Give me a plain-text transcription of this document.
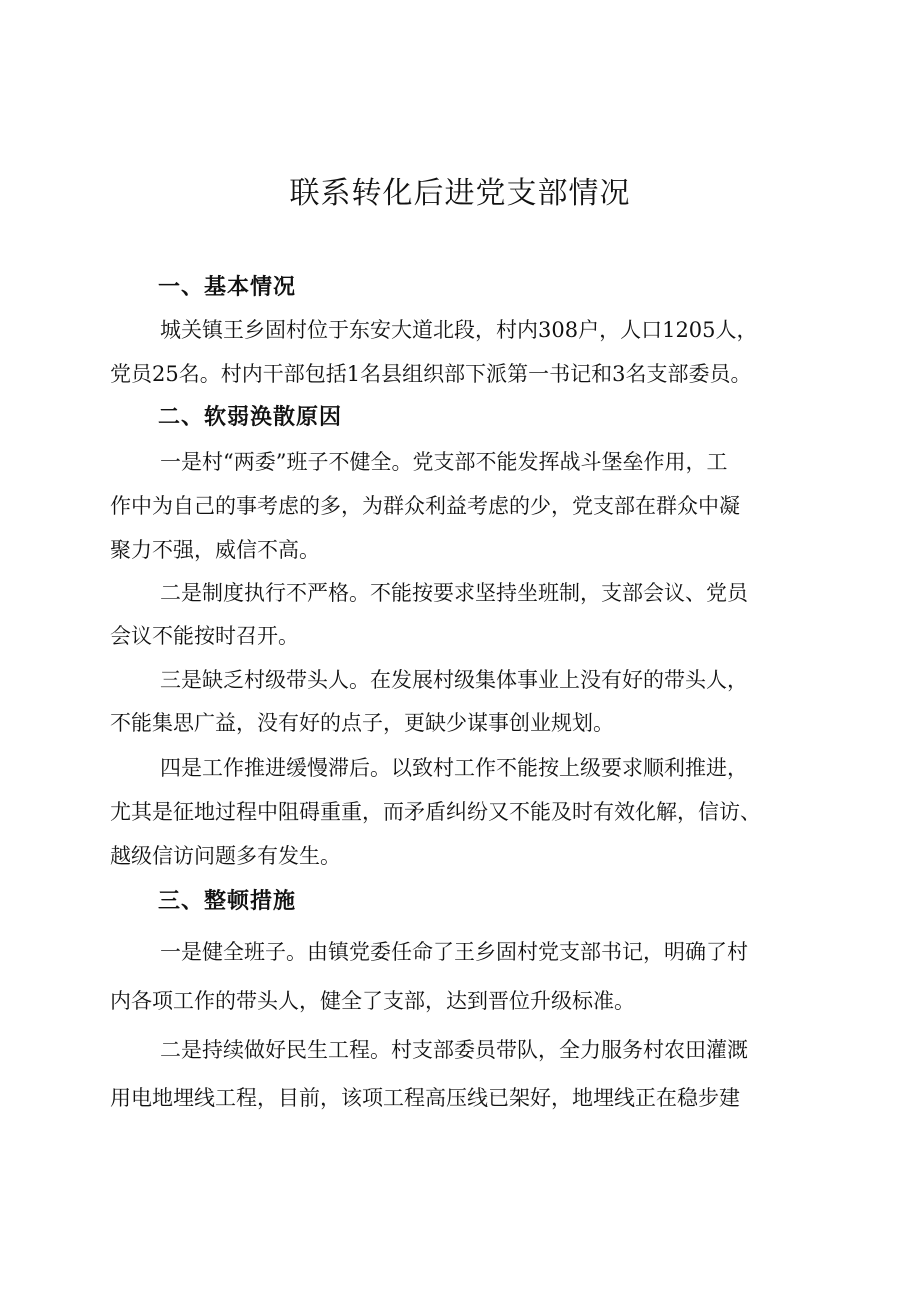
联系转化后进党支部情况
一、基本情况

城关镇王乡固村位于东安大道北段，村内308户，人口1205人，

党员25名。村内干部包括1名县组织部下派第一书记和3名支部委员。

二、软弱涣散原因

一是村“两委”班子不健全。党支部不能发挥战斗堡垒作用，工

作中为自己的事考虑的多，为群众利益考虑的少，党支部在群众中凝

聚力不强，威信不高。

二是制度执行不严格。不能按要求坚持坐班制，支部会议、党员

会议不能按时召开。

三是缺乏村级带头人。在发展村级集体事业上没有好的带头人，

不能集思广益，没有好的点子，更缺少谋事创业规划。

四是工作推进缓慢滞后。以致村工作不能按上级要求顺利推进，

尤其是征地过程中阻碍重重，而矛盾纠纷又不能及时有效化解，信访、

越级信访问题多有发生。

三、整顿措施

一是健全班子。由镇党委任命了王乡固村党支部书记，明确了村

内各项工作的带头人，健全了支部，达到晋位升级标准。

二是持续做好民生工程。村支部委员带队，全力服务村农田灌溉

用电地埋线工程，目前，该项工程高压线已架好，地埋线正在稳步建
